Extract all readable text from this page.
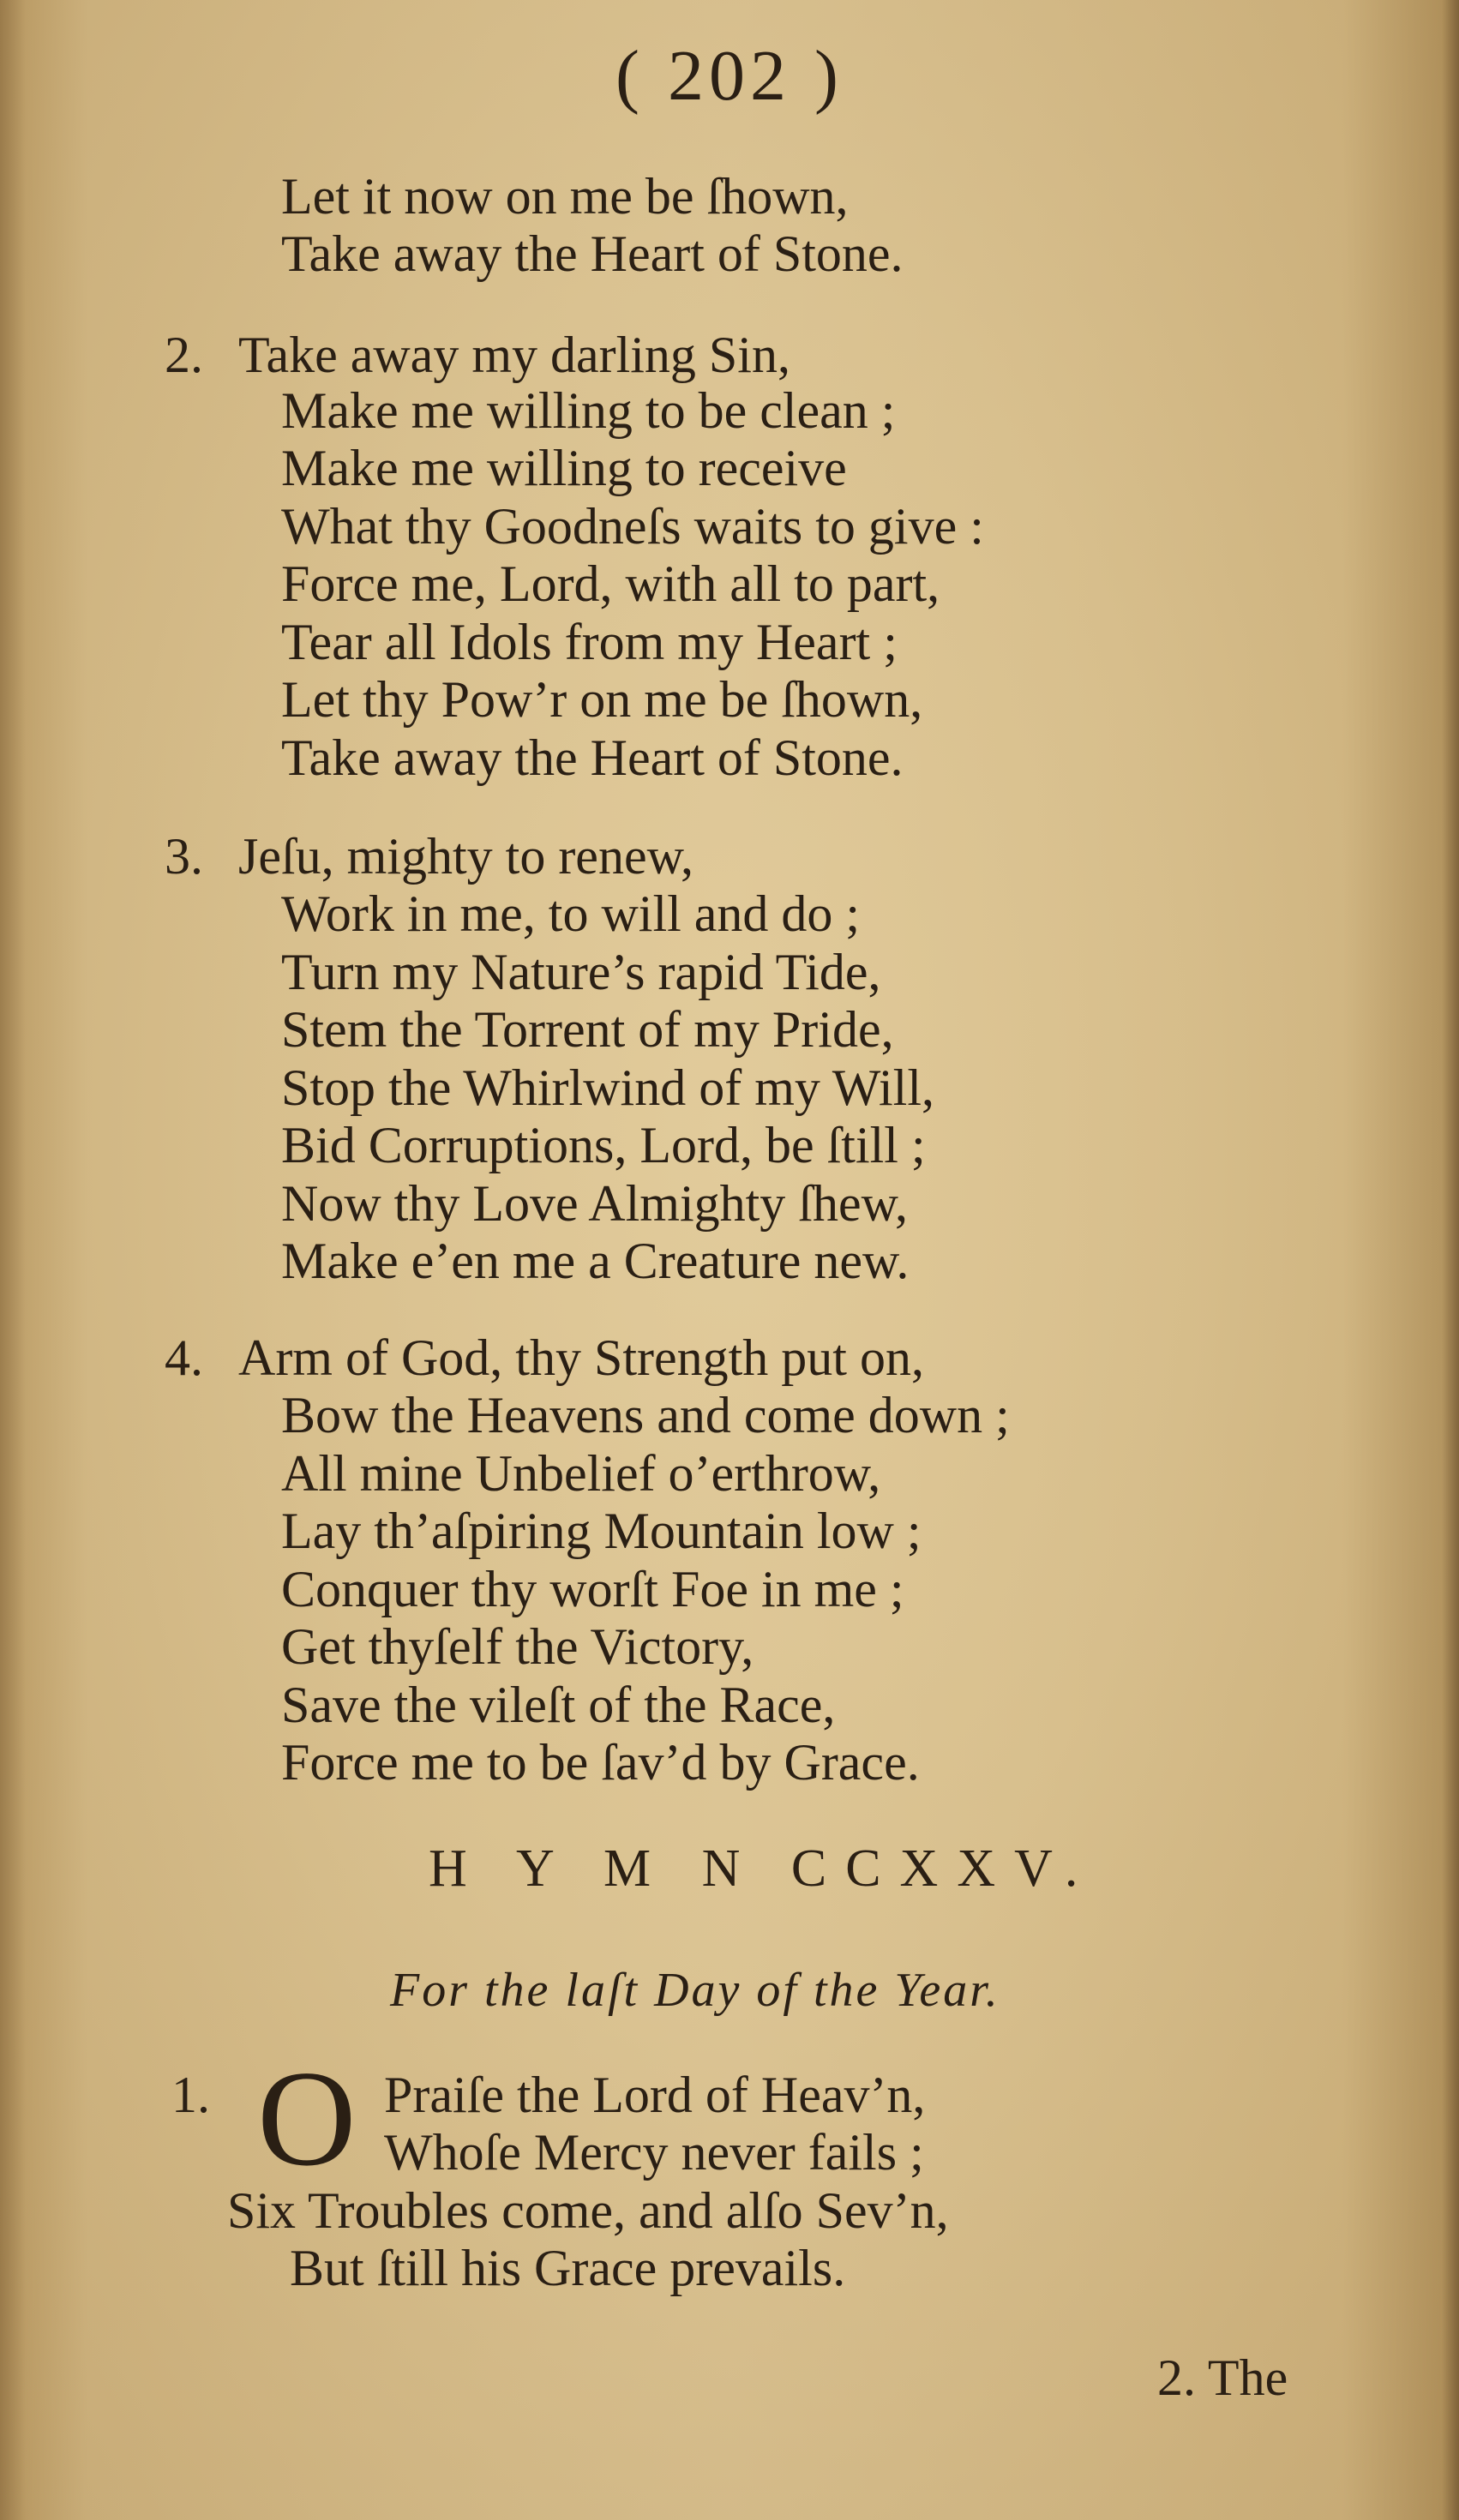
( 202 )
Let it now on me be ſhown,
Take away the Heart of Stone.
2. Take away my darling Sin,
Make me willing to be clean ;
Make me willing to receive
What thy Goodneſs waits to give :
Force me, Lord, with all to part,
Tear all Idols from my Heart ;
Let thy Pow’r on me be ſhown,
Take away the Heart of Stone.
3. Jeſu, mighty to renew,
Work in me, to will and do ;
Turn my Nature’s rapid Tide,
Stem the Torrent of my Pride,
Stop the Whirlwind of my Will,
Bid Corruptions, Lord, be ſtill ;
Now thy Love Almighty ſhew,
Make e’en me a Creature new.
4. Arm of God, thy Strength put on,
Bow the Heavens and come down ;
All mine Unbelief o’erthrow,
Lay th’aſpiring Mountain low ;
Conquer thy worſt Foe in me ;
Get thyſelf the Victory,
Save the vileſt of the Race,
Force me to be ſav’d by Grace.
H Y M N CCXXV.
For the laſt Day of the Year.
1. O Praiſe the Lord of Heav’n,
Whoſe Mercy never fails ;
Six Troubles come, and alſo Sev’n,
But ſtill his Grace prevails.
2. The
